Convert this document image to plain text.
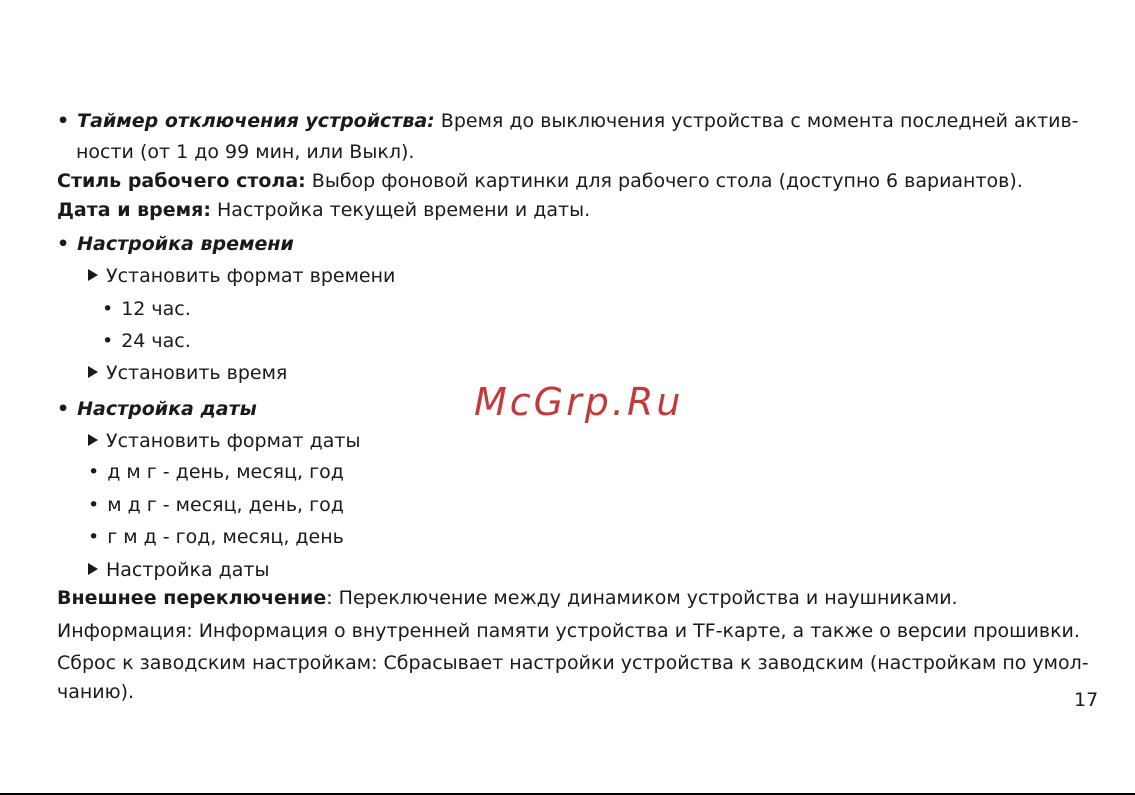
• Таймер отключения устройства: Время до выключения устройства с момента последней актив-
ности (от 1 до 99 мин, или Выкл).
Стиль рабочего стола: Выбор фоновой картинки для рабочего стола (доступно 6 вариантов).
Дата и время: Настройка текущей времени и даты.
• Настройка времени
Установить формат времени
• 12 час.
• 24 час.
Установить время
• Настройка даты
Установить формат даты
• д м г - день, месяц, год
• м д г - месяц, день, год
• г м д - год, месяц, день
Настройка даты
Внешнее переключение: Переключение между динамиком устройства и наушниками.
Информация: Информация о внутренней памяти устройства и TF-карте, а также о версии прошивки.
Сброс к заводским настройкам: Сбрасывает настройки устройства к заводским (настройкам по умол-
чанию).
McGrp.Ru
17
